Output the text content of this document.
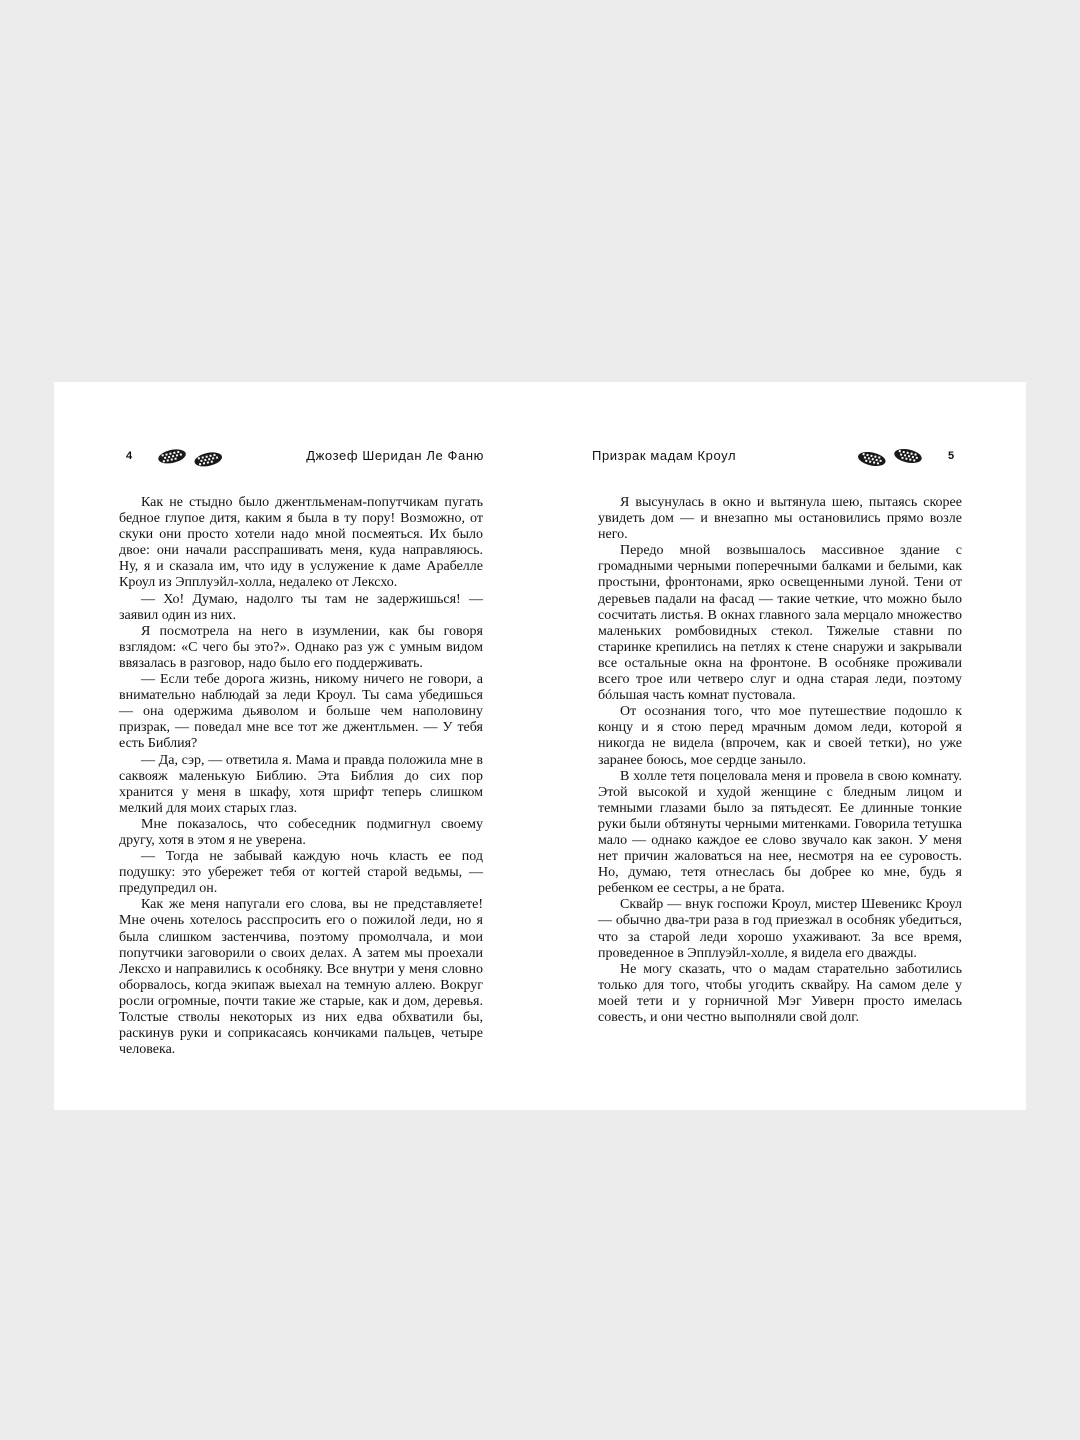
4	Джозеф Шеридан Ле Фаню

Как не стыдно было джентльменам-попутчикам пугать бедное глупое дитя, каким я была в ту пору! Возможно, от скуки они просто хотели надо мной посмеяться. Их было двое: они начали расспрашивать меня, куда направляюсь. Ну, я и сказала им, что иду в услужение к даме Арабелле Кроул из Эпплуэйл-холла, недалеко от Лексхо.

— Хо! Думаю, надолго ты там не задержишься! — заявил один из них.

Я посмотрела на него в изумлении, как бы говоря взглядом: «С чего бы это?». Однако раз уж с умным видом ввязалась в разговор, надо было его поддерживать.

— Если тебе дорога жизнь, никому ничего не говори, а внимательно наблюдай за леди Кроул. Ты сама убедишься — она одержима дьяволом и больше чем наполовину призрак, — поведал мне все тот же джентльмен. — У тебя есть Библия?

— Да, сэр, — ответила я. Мама и правда положила мне в саквояж маленькую Библию. Эта Библия до сих пор хранится у меня в шкафу, хотя шрифт теперь слишком мелкий для моих старых глаз.

Мне показалось, что собеседник подмигнул своему другу, хотя в этом я не уверена.

— Тогда не забывай каждую ночь класть ее под подушку: это убережет тебя от когтей старой ведьмы, — предупредил он.

Как же меня напугали его слова, вы не представляете! Мне очень хотелось расспросить его о пожилой леди, но я была слишком застенчива, поэтому промолчала, и мои попутчики заговорили о своих делах. А затем мы проехали Лексхо и направились к особняку. Все внутри у меня словно оборвалось, когда экипаж выехал на темную аллею. Вокруг росли огромные, почти такие же старые, как и дом, деревья. Толстые стволы некоторых из них едва обхватили бы, раскинув руки и соприкасаясь кончиками пальцев, четыре человека.

Призрак мадам Кроул	5

Я высунулась в окно и вытянула шею, пытаясь скорее увидеть дом — и внезапно мы остановились прямо возле него.

Передо мной возвышалось массивное здание с громадными черными поперечными балками и белыми, как простыни, фронтонами, ярко освещенными луной. Тени от деревьев падали на фасад — такие четкие, что можно было сосчитать листья. В окнах главного зала мерцало множество маленьких ромбовидных стекол. Тяжелые ставни по старинке крепились на петлях к стене снаружи и закрывали все остальные окна на фронтоне. В особняке проживали всего трое или четверо слуг и одна старая леди, поэтому бóльшая часть комнат пустовала.

От осознания того, что мое путешествие подошло к концу и я стою перед мрачным домом леди, которой я никогда не видела (впрочем, как и своей тетки), но уже заранее боюсь, мое сердце заныло.

В холле тетя поцеловала меня и провела в свою комнату. Этой высокой и худой женщине с бледным лицом и темными глазами было за пятьдесят. Ее длинные тонкие руки были обтянуты черными митенками. Говорила тетушка мало — однако каждое ее слово звучало как закон. У меня нет причин жаловаться на нее, несмотря на ее суровость. Но, думаю, тетя отнеслась бы добрее ко мне, будь я ребенком ее сестры, а не брата.

Сквайр — внук госпожи Кроул, мистер Шевеникс Кроул — обычно два-три раза в год приезжал в особняк убедиться, что за старой леди хорошо ухаживают. За все время, проведенное в Эпплуэйл-холле, я видела его дважды.

Не могу сказать, что о мадам старательно заботились только для того, чтобы угодить сквайру. На самом деле у моей тети и у горничной Мэг Уиверн просто имелась совесть, и они честно выполняли свой долг.
